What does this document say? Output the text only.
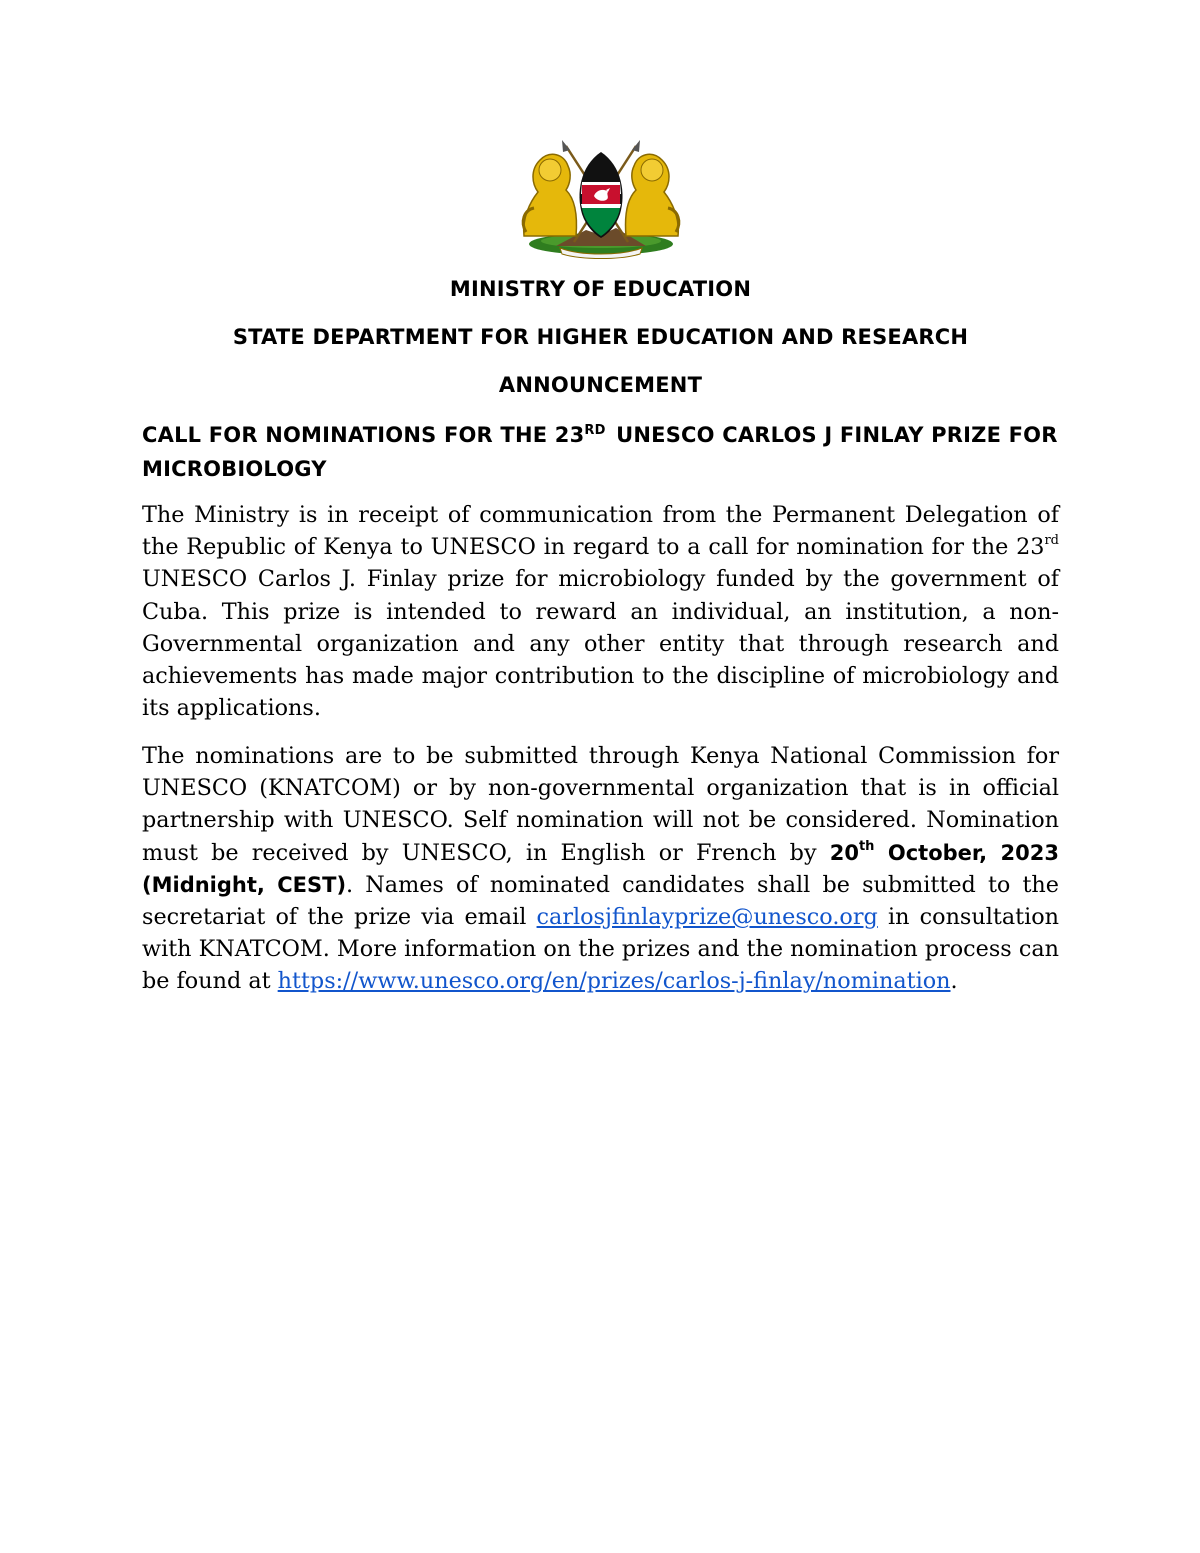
MINISTRY OF EDUCATION
STATE DEPARTMENT FOR HIGHER EDUCATION AND RESEARCH
ANNOUNCEMENT
CALL FOR NOMINATIONS FOR THE 23RD UNESCO CARLOS J FINLAY PRIZE FOR MICROBIOLOGY

The Ministry is in receipt of communication from the Permanent Delegation of the Republic of Kenya to UNESCO in regard to a call for nomination for the 23rd UNESCO Carlos J. Finlay prize for microbiology funded by the government of Cuba. This prize is intended to reward an individual, an institution, a non-Governmental organization and any other entity that through research and achievements has made major contribution to the discipline of microbiology and its applications.

The nominations are to be submitted through Kenya National Commission for UNESCO (KNATCOM) or by non-governmental organization that is in official partnership with UNESCO. Self nomination will not be considered. Nomination must be received by UNESCO, in English or French by 20th October, 2023 (Midnight, CEST). Names of nominated candidates shall be submitted to the secretariat of the prize via email carlosjfinlayprize@unesco.org in consultation with KNATCOM. More information on the prizes and the nomination process can be found at https://www.unesco.org/en/prizes/carlos-j-finlay/nomination.
